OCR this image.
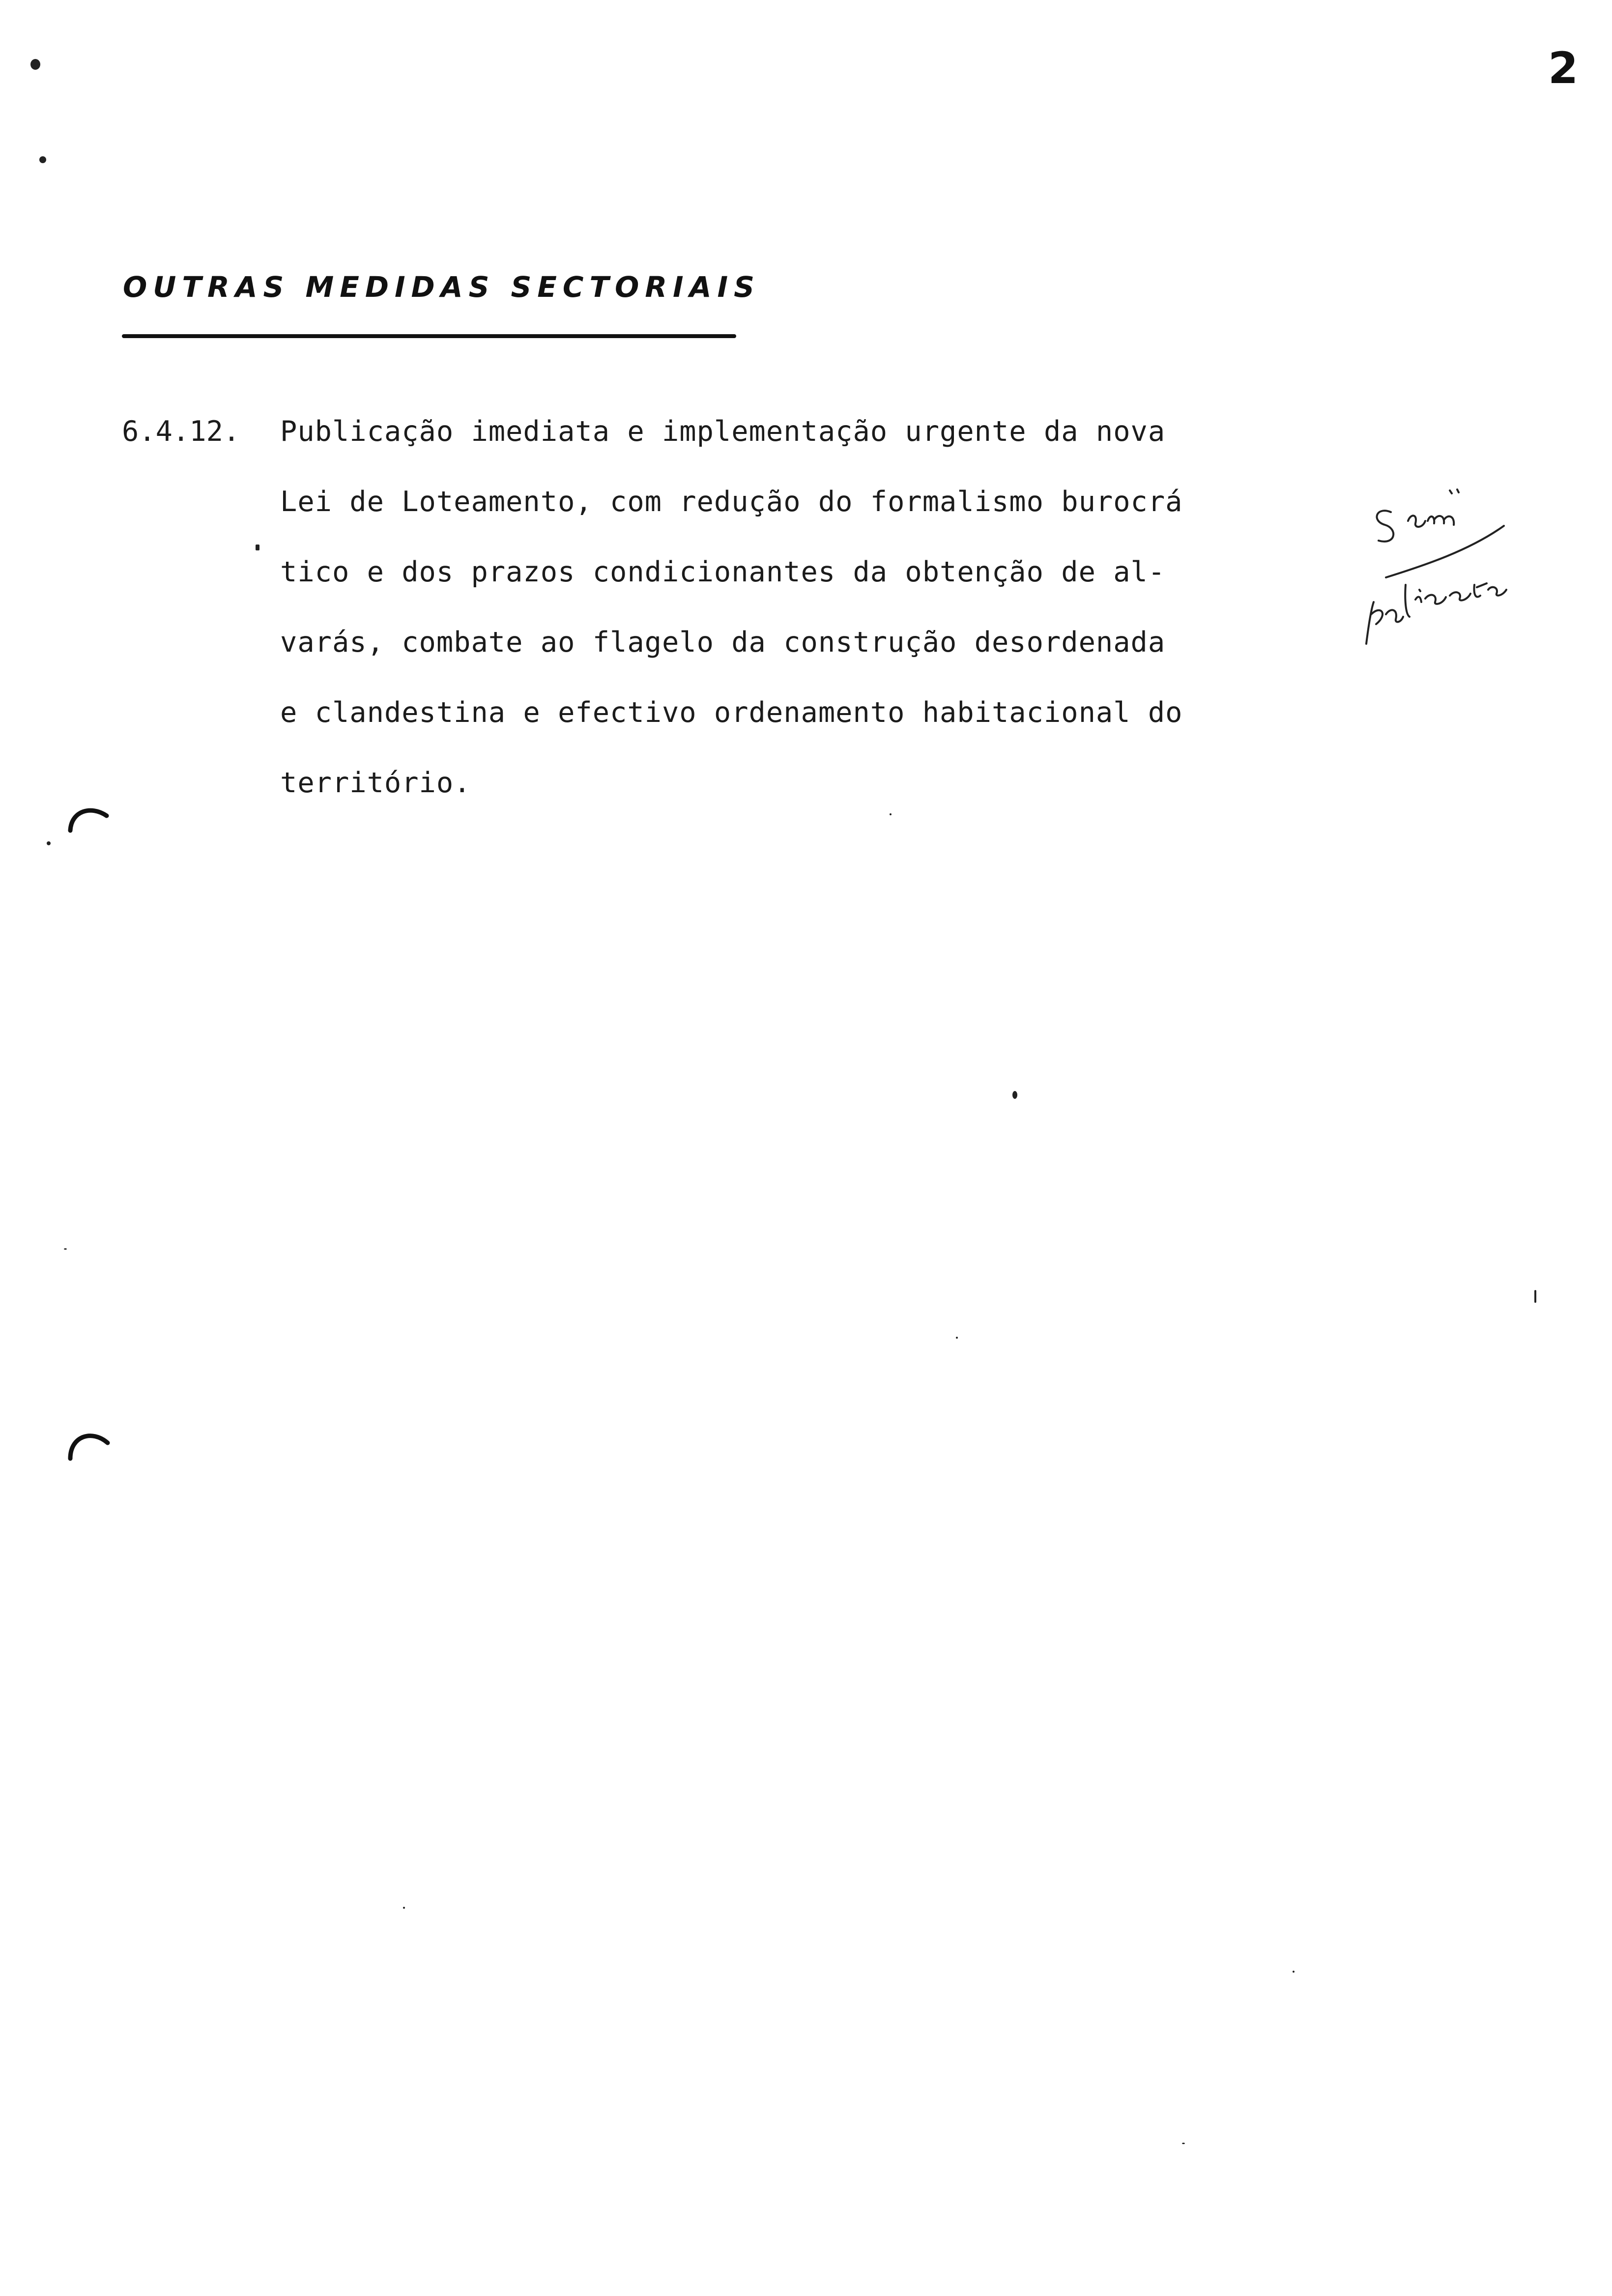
2
OUTRAS MEDIDAS SECTORIAIS
6.4.12. Publicação imediata e implementação urgente da nova
Lei de Loteamento, com redução do formalismo burocrá
tico e dos prazos condicionantes da obtenção de al-
varás, combate ao flagelo da construção desordenada
e clandestina e efectivo ordenamento habitacional do
território.
